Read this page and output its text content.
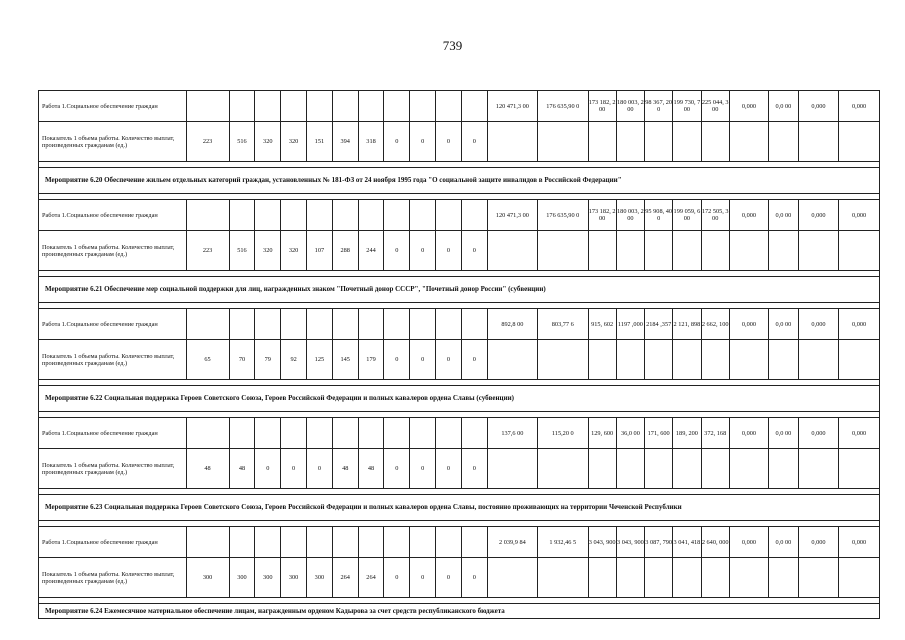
739
Работа 1.Социальное обеспечение граждан												120 471,3 00	176 635,90 0	173 182, 200	180 003, 200	98 367, 200	199 730, 700	225 044, 300	0,000	0,0 00	0,000	0,000
Показатель 1 объема работы. Количество выплат, произведенных гражданам (ед.)	223	516	320	320	151	394	318	0	0	0	0											

Мероприятие 6.20 Обеспечение жильем отдельных категорий граждан, установленных № 181-ФЗ от 24 ноября 1995 года "О социальной защите инвалидов в Российской Федерации"																						

Работа 1.Социальное обеспечение граждан												120 471,3 00	176 635,90 0	173 182, 200	180 003, 200	95 908, 400	199 059, 600	172 505, 300	0,000	0,0 00	0,000	0,000
Показатель 1 объема работы. Количество выплат, произведенных гражданам (ед.)	223	516	320	320	107	288	244	0	0	0	0											

Мероприятие 6.21 Обеспечение мер социальной поддержки для лиц, награжденных знаком "Почетный донор СССР", "Почетный донор России" (субвенции)																						

Работа 1.Социальное обеспечение граждан												892,8 00	803,77 6	915, 602	1197 ,000	2184 ,357	2 121, 898	2 662, 100	0,000	0,0 00	0,000	0,000
Показатель 1 объема работы. Количество выплат, произведенных гражданам (ед.)	65	70	79	92	125	145	179	0	0	0	0											

Мероприятие 6.22 Социальная поддержка Героев Советского Союза, Героев Российской Федерации и полных кавалеров ордена Славы (субвенции)																						

Работа 1.Социальное обеспечение граждан												137,6 00	115,20 0	129, 600	36,0 00	171, 600	189, 200	372, 168	0,000	0,0 00	0,000	0,000
Показатель 1 объема работы. Количество выплат, произведенных гражданам (ед.)	48	48	0	0	0	48	48	0	0	0	0											

Мероприятие 6.23 Социальная поддержка Героев Советского Союза, Героев Российской Федерации и полных кавалеров ордена Славы, постоянно проживающих на территории Чеченской Республики																						

Работа 1.Социальное обеспечение граждан												2 039,9 84	1 932,46 5	3 043, 900	3 043, 900	3 087, 790	3 041, 418	2 640, 000	0,000	0,0 00	0,000	0,000
Показатель 1 объема работы. Количество выплат, произведенных гражданам (ед.)	300	300	300	300	300	264	264	0	0	0	0											

Мероприятие 6.24 Ежемесячное материальное обеспечение лицам, награжденным орденом Кадырова за счет средств республиканского бюджета																						
